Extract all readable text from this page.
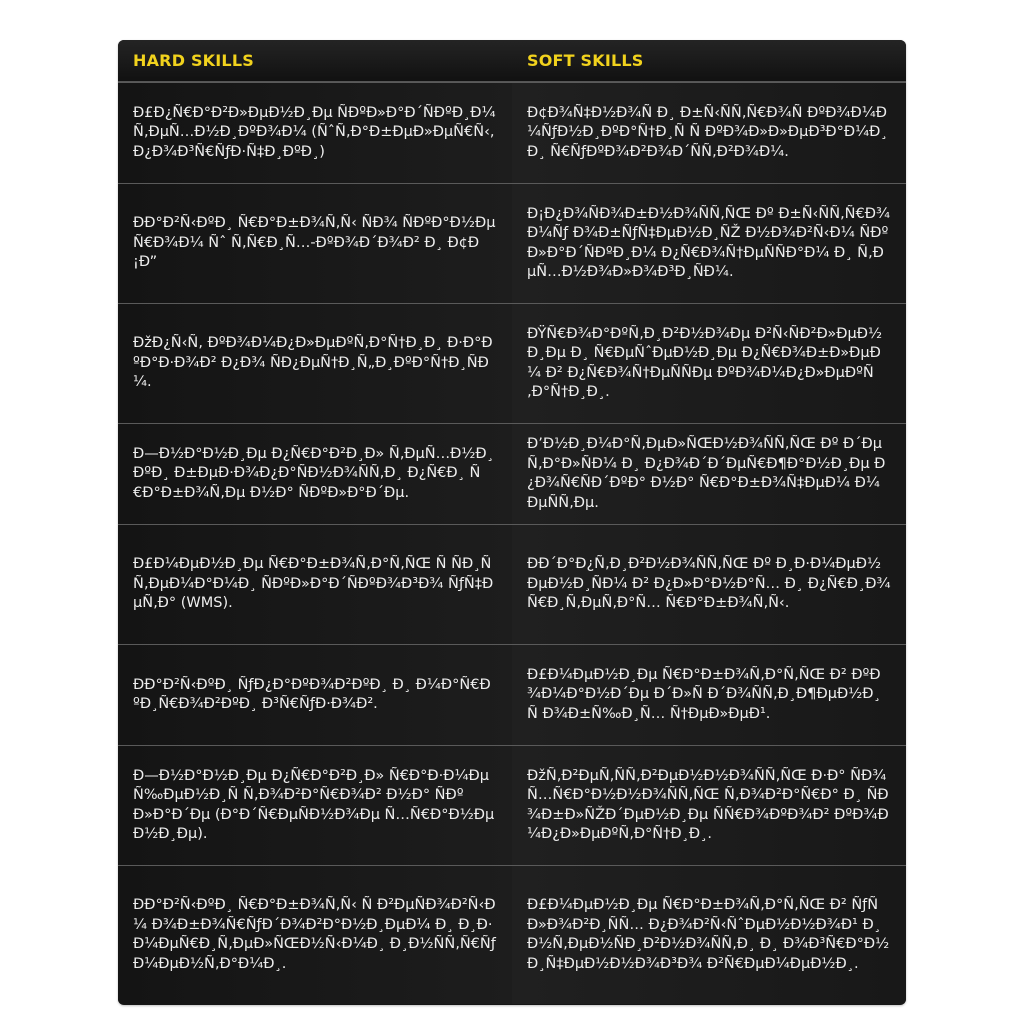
HARD SKILLS	SOFT SKILLS
Ð£Ð¿Ñ€Ð°Ð²Ð»ÐµÐ½Ð¸Ðµ ÑÐºÐ»Ð°Ð´ÑÐºÐ¸Ð¼ Ñ‚ÐµÑ…Ð½Ð¸ÐºÐ¾Ð¼ (ÑˆÑ‚Ð°Ð±ÐµÐ»ÐµÑ€Ñ‹, Ð¿Ð¾Ð³Ñ€ÑƒÐ·Ñ‡Ð¸ÐºÐ¸)
Ð¢Ð¾Ñ‡Ð½Ð¾Ñ Ð¸ Ð±Ñ‹ÑÑ‚Ñ€Ð¾Ñ ÐºÐ¾Ð¼Ð¼ÑƒÐ½Ð¸ÐºÐ°Ñ†Ð¸Ñ Ñ ÐºÐ¾Ð»Ð»ÐµÐ³Ð°Ð¼Ð¸ Ð¸ Ñ€ÑƒÐºÐ¾Ð²Ð¾Ð´ÑÑ‚Ð²Ð¾Ð¼.
ÐÐ°Ð²Ñ‹ÐºÐ¸ Ñ€Ð°Ð±Ð¾Ñ‚Ñ‹ ÑÐ¾ ÑÐºÐ°Ð½ÐµÑ€Ð¾Ð¼ Ñˆ Ñ‚Ñ€Ð¸Ñ…-ÐºÐ¾Ð´Ð¾Ð² Ð¸ Ð¢Ð¡Ð”
Ð¡Ð¿Ð¾ÑÐ¾Ð±Ð½Ð¾ÑÑ‚ÑŒ Ðº Ð±Ñ‹ÑÑ‚Ñ€Ð¾Ð¼Ñƒ Ð¾Ð±ÑƒÑ‡ÐµÐ½Ð¸ÑŽ Ð½Ð¾Ð²Ñ‹Ð¼ ÑÐºÐ»Ð°Ð´ÑÐºÐ¸Ð¼ Ð¿Ñ€Ð¾Ñ†ÐµÑÑÐ°Ð¼ Ð¸ Ñ‚ÐµÑ…Ð½Ð¾Ð»Ð¾Ð³Ð¸ÑÐ¼.
ÐžÐ¿Ñ‹Ñ‚ ÐºÐ¾Ð¼Ð¿Ð»ÐµÐºÑ‚Ð°Ñ†Ð¸Ð¸ Ð·Ð°ÐºÐ°Ð·Ð¾Ð² Ð¿Ð¾ ÑÐ¿ÐµÑ†Ð¸Ñ„Ð¸ÐºÐ°Ñ†Ð¸ÑÐ¼.
ÐŸÑ€Ð¾Ð°ÐºÑ‚Ð¸Ð²Ð½Ð¾Ðµ Ð²Ñ‹ÑÐ²Ð»ÐµÐ½Ð¸Ðµ Ð¸ Ñ€ÐµÑˆÐµÐ½Ð¸Ðµ Ð¿Ñ€Ð¾Ð±Ð»ÐµÐ¼ Ð² Ð¿Ñ€Ð¾Ñ†ÐµÑÑÐµ ÐºÐ¾Ð¼Ð¿Ð»ÐµÐºÑ‚Ð°Ñ†Ð¸Ð¸.
Ð—Ð½Ð°Ð½Ð¸Ðµ Ð¿Ñ€Ð°Ð²Ð¸Ð» Ñ‚ÐµÑ…Ð½Ð¸ÐºÐ¸ Ð±ÐµÐ·Ð¾Ð¿Ð°ÑÐ½Ð¾ÑÑ‚Ð¸ Ð¿Ñ€Ð¸ Ñ€Ð°Ð±Ð¾Ñ‚Ðµ Ð½Ð° ÑÐºÐ»Ð°Ð´Ðµ.
Ð’Ð½Ð¸Ð¼Ð°Ñ‚ÐµÐ»ÑŒÐ½Ð¾ÑÑ‚ÑŒ Ðº Ð´ÐµÑ‚Ð°Ð»ÑÐ¼ Ð¸ Ð¿Ð¾Ð´Ð´ÐµÑ€Ð¶Ð°Ð½Ð¸Ðµ Ð¿Ð¾Ñ€ÑÐ´ÐºÐ° Ð½Ð° Ñ€Ð°Ð±Ð¾Ñ‡ÐµÐ¼ Ð¼ÐµÑÑ‚Ðµ.
Ð£Ð¼ÐµÐ½Ð¸Ðµ Ñ€Ð°Ð±Ð¾Ñ‚Ð°Ñ‚ÑŒ Ñ ÑÐ¸ÑÑ‚ÐµÐ¼Ð°Ð¼Ð¸ ÑÐºÐ»Ð°Ð´ÑÐºÐ¾Ð³Ð¾ ÑƒÑ‡ÐµÑ‚Ð° (WMS).
ÐÐ´Ð°Ð¿Ñ‚Ð¸Ð²Ð½Ð¾ÑÑ‚ÑŒ Ðº Ð¸Ð·Ð¼ÐµÐ½ÐµÐ½Ð¸ÑÐ¼ Ð² Ð¿Ð»Ð°Ð½Ð°Ñ… Ð¸ Ð¿Ñ€Ð¸Ð¾Ñ€Ð¸Ñ‚ÐµÑ‚Ð°Ñ… Ñ€Ð°Ð±Ð¾Ñ‚Ñ‹.
ÐÐ°Ð²Ñ‹ÐºÐ¸ ÑƒÐ¿Ð°ÐºÐ¾Ð²ÐºÐ¸ Ð¸ Ð¼Ð°Ñ€ÐºÐ¸Ñ€Ð¾Ð²ÐºÐ¸ Ð³Ñ€ÑƒÐ·Ð¾Ð².
Ð£Ð¼ÐµÐ½Ð¸Ðµ Ñ€Ð°Ð±Ð¾Ñ‚Ð°Ñ‚ÑŒ Ð² ÐºÐ¾Ð¼Ð°Ð½Ð´Ðµ Ð´Ð»Ñ Ð´Ð¾ÑÑ‚Ð¸Ð¶ÐµÐ½Ð¸Ñ Ð¾Ð±Ñ‰Ð¸Ñ… Ñ†ÐµÐ»ÐµÐ¹.
Ð—Ð½Ð°Ð½Ð¸Ðµ Ð¿Ñ€Ð°Ð²Ð¸Ð» Ñ€Ð°Ð·Ð¼ÐµÑ‰ÐµÐ½Ð¸Ñ Ñ‚Ð¾Ð²Ð°Ñ€Ð¾Ð² Ð½Ð° ÑÐºÐ»Ð°Ð´Ðµ (Ð°Ð´Ñ€ÐµÑÐ½Ð¾Ðµ Ñ…Ñ€Ð°Ð½ÐµÐ½Ð¸Ðµ).
ÐžÑ‚Ð²ÐµÑ‚ÑÑ‚Ð²ÐµÐ½Ð½Ð¾ÑÑ‚ÑŒ Ð·Ð° ÑÐ¾Ñ…Ñ€Ð°Ð½Ð½Ð¾ÑÑ‚ÑŒ Ñ‚Ð¾Ð²Ð°Ñ€Ð° Ð¸ ÑÐ¾Ð±Ð»ÑŽÐ´ÐµÐ½Ð¸Ðµ ÑÑ€Ð¾ÐºÐ¾Ð² ÐºÐ¾Ð¼Ð¿Ð»ÐµÐºÑ‚Ð°Ñ†Ð¸Ð¸.
ÐÐ°Ð²Ñ‹ÐºÐ¸ Ñ€Ð°Ð±Ð¾Ñ‚Ñ‹ Ñ Ð²ÐµÑÐ¾Ð²Ñ‹Ð¼ Ð¾Ð±Ð¾Ñ€ÑƒÐ´Ð¾Ð²Ð°Ð½Ð¸ÐµÐ¼ Ð¸ Ð¸Ð·Ð¼ÐµÑ€Ð¸Ñ‚ÐµÐ»ÑŒÐ½Ñ‹Ð¼Ð¸ Ð¸Ð½ÑÑ‚Ñ€ÑƒÐ¼ÐµÐ½Ñ‚Ð°Ð¼Ð¸.
Ð£Ð¼ÐµÐ½Ð¸Ðµ Ñ€Ð°Ð±Ð¾Ñ‚Ð°Ñ‚ÑŒ Ð² ÑƒÑÐ»Ð¾Ð²Ð¸ÑÑ… Ð¿Ð¾Ð²Ñ‹ÑˆÐµÐ½Ð½Ð¾Ð¹ Ð¸Ð½Ñ‚ÐµÐ½ÑÐ¸Ð²Ð½Ð¾ÑÑ‚Ð¸ Ð¸ Ð¾Ð³Ñ€Ð°Ð½Ð¸Ñ‡ÐµÐ½Ð½Ð¾Ð³Ð¾ Ð²Ñ€ÐµÐ¼ÐµÐ½Ð¸.
